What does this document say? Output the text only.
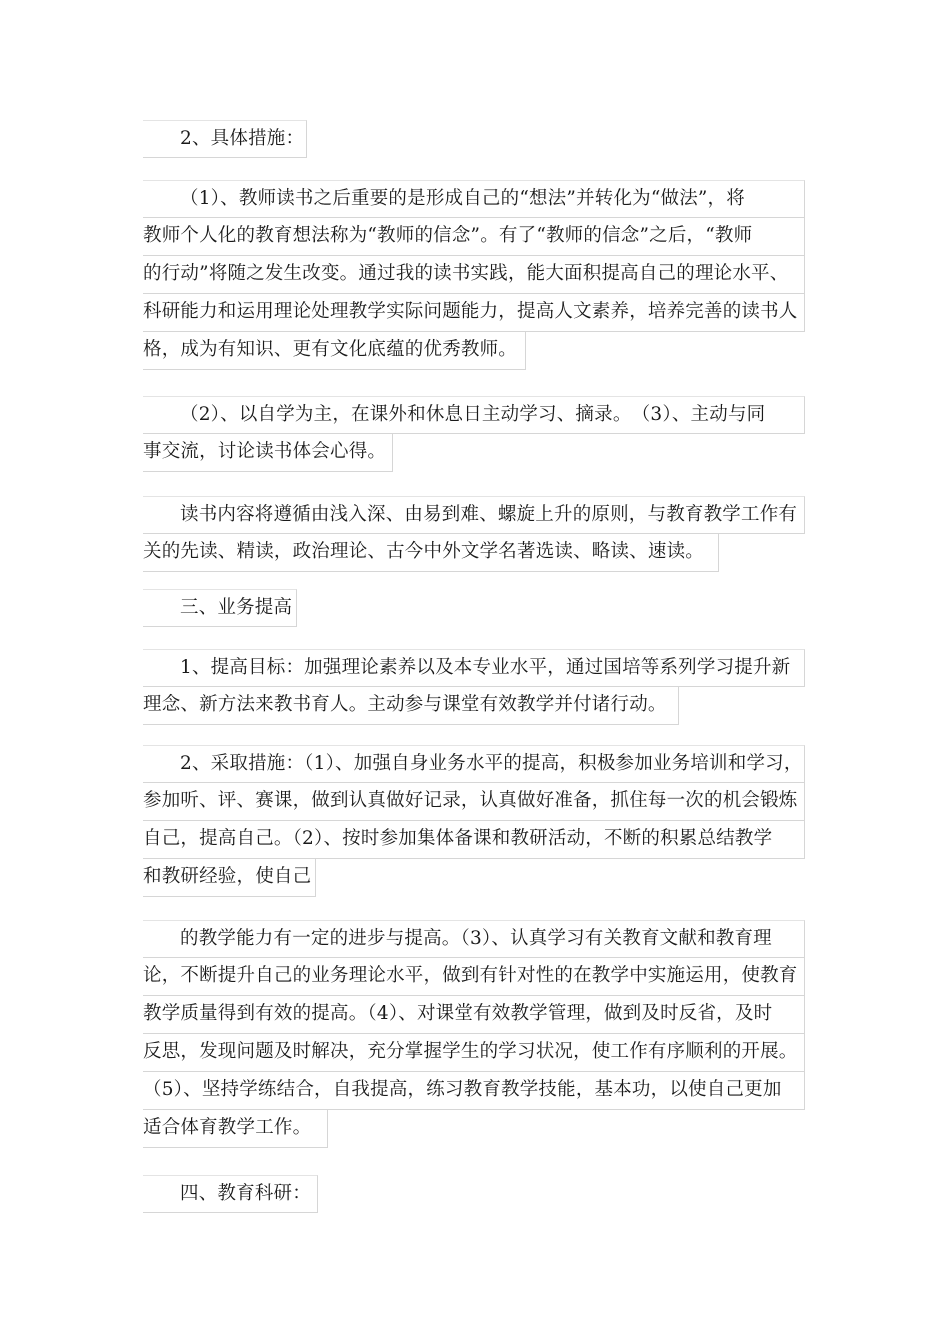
2、具体措施：
（1）、教师读书之后重要的是形成自己的“想法”并转化为“做法”，将
教师个人化的教育想法称为“教师的信念”。有了“教师的信念”之后，“教师
的行动”将随之发生改变。通过我的读书实践，能大面积提高自己的理论水平、
科研能力和运用理论处理教学实际问题能力，提高人文素养，培养完善的读书人
格，成为有知识、更有文化底蕴的优秀教师。
（2）、以自学为主，在课外和休息日主动学习、摘录。　（3）、主动与同
事交流，讨论读书体会心得。
读书内容将遵循由浅入深、由易到难、螺旋上升的原则，与教育教学工作有
关的先读、精读，政治理论、古今中外文学名著选读、略读、速读。
三、业务提高
1、提高目标：加强理论素养以及本专业水平，通过国培等系列学习提升新
理念、新方法来教书育人。主动参与课堂有效教学并付诸行动。
2、采取措施：（1）、加强自身业务水平的提高，积极参加业务培训和学习，
参加听、评、赛课，做到认真做好记录，认真做好准备，抓住每一次的机会锻炼
自己，提高自己。（2）、按时参加集体备课和教研活动，不断的积累总结教学
和教研经验，使自己
的教学能力有一定的进步与提高。（3）、认真学习有关教育文献和教育理
论，不断提升自己的业务理论水平，做到有针对性的在教学中实施运用，使教育
教学质量得到有效的提高。（4）、对课堂有效教学管理，做到及时反省，及时
反思，发现问题及时解决，充分掌握学生的学习状况，使工作有序顺利的开展。
（5）、坚持学练结合，自我提高，练习教育教学技能，基本功，以使自己更加
适合体育教学工作。
四、教育科研：
